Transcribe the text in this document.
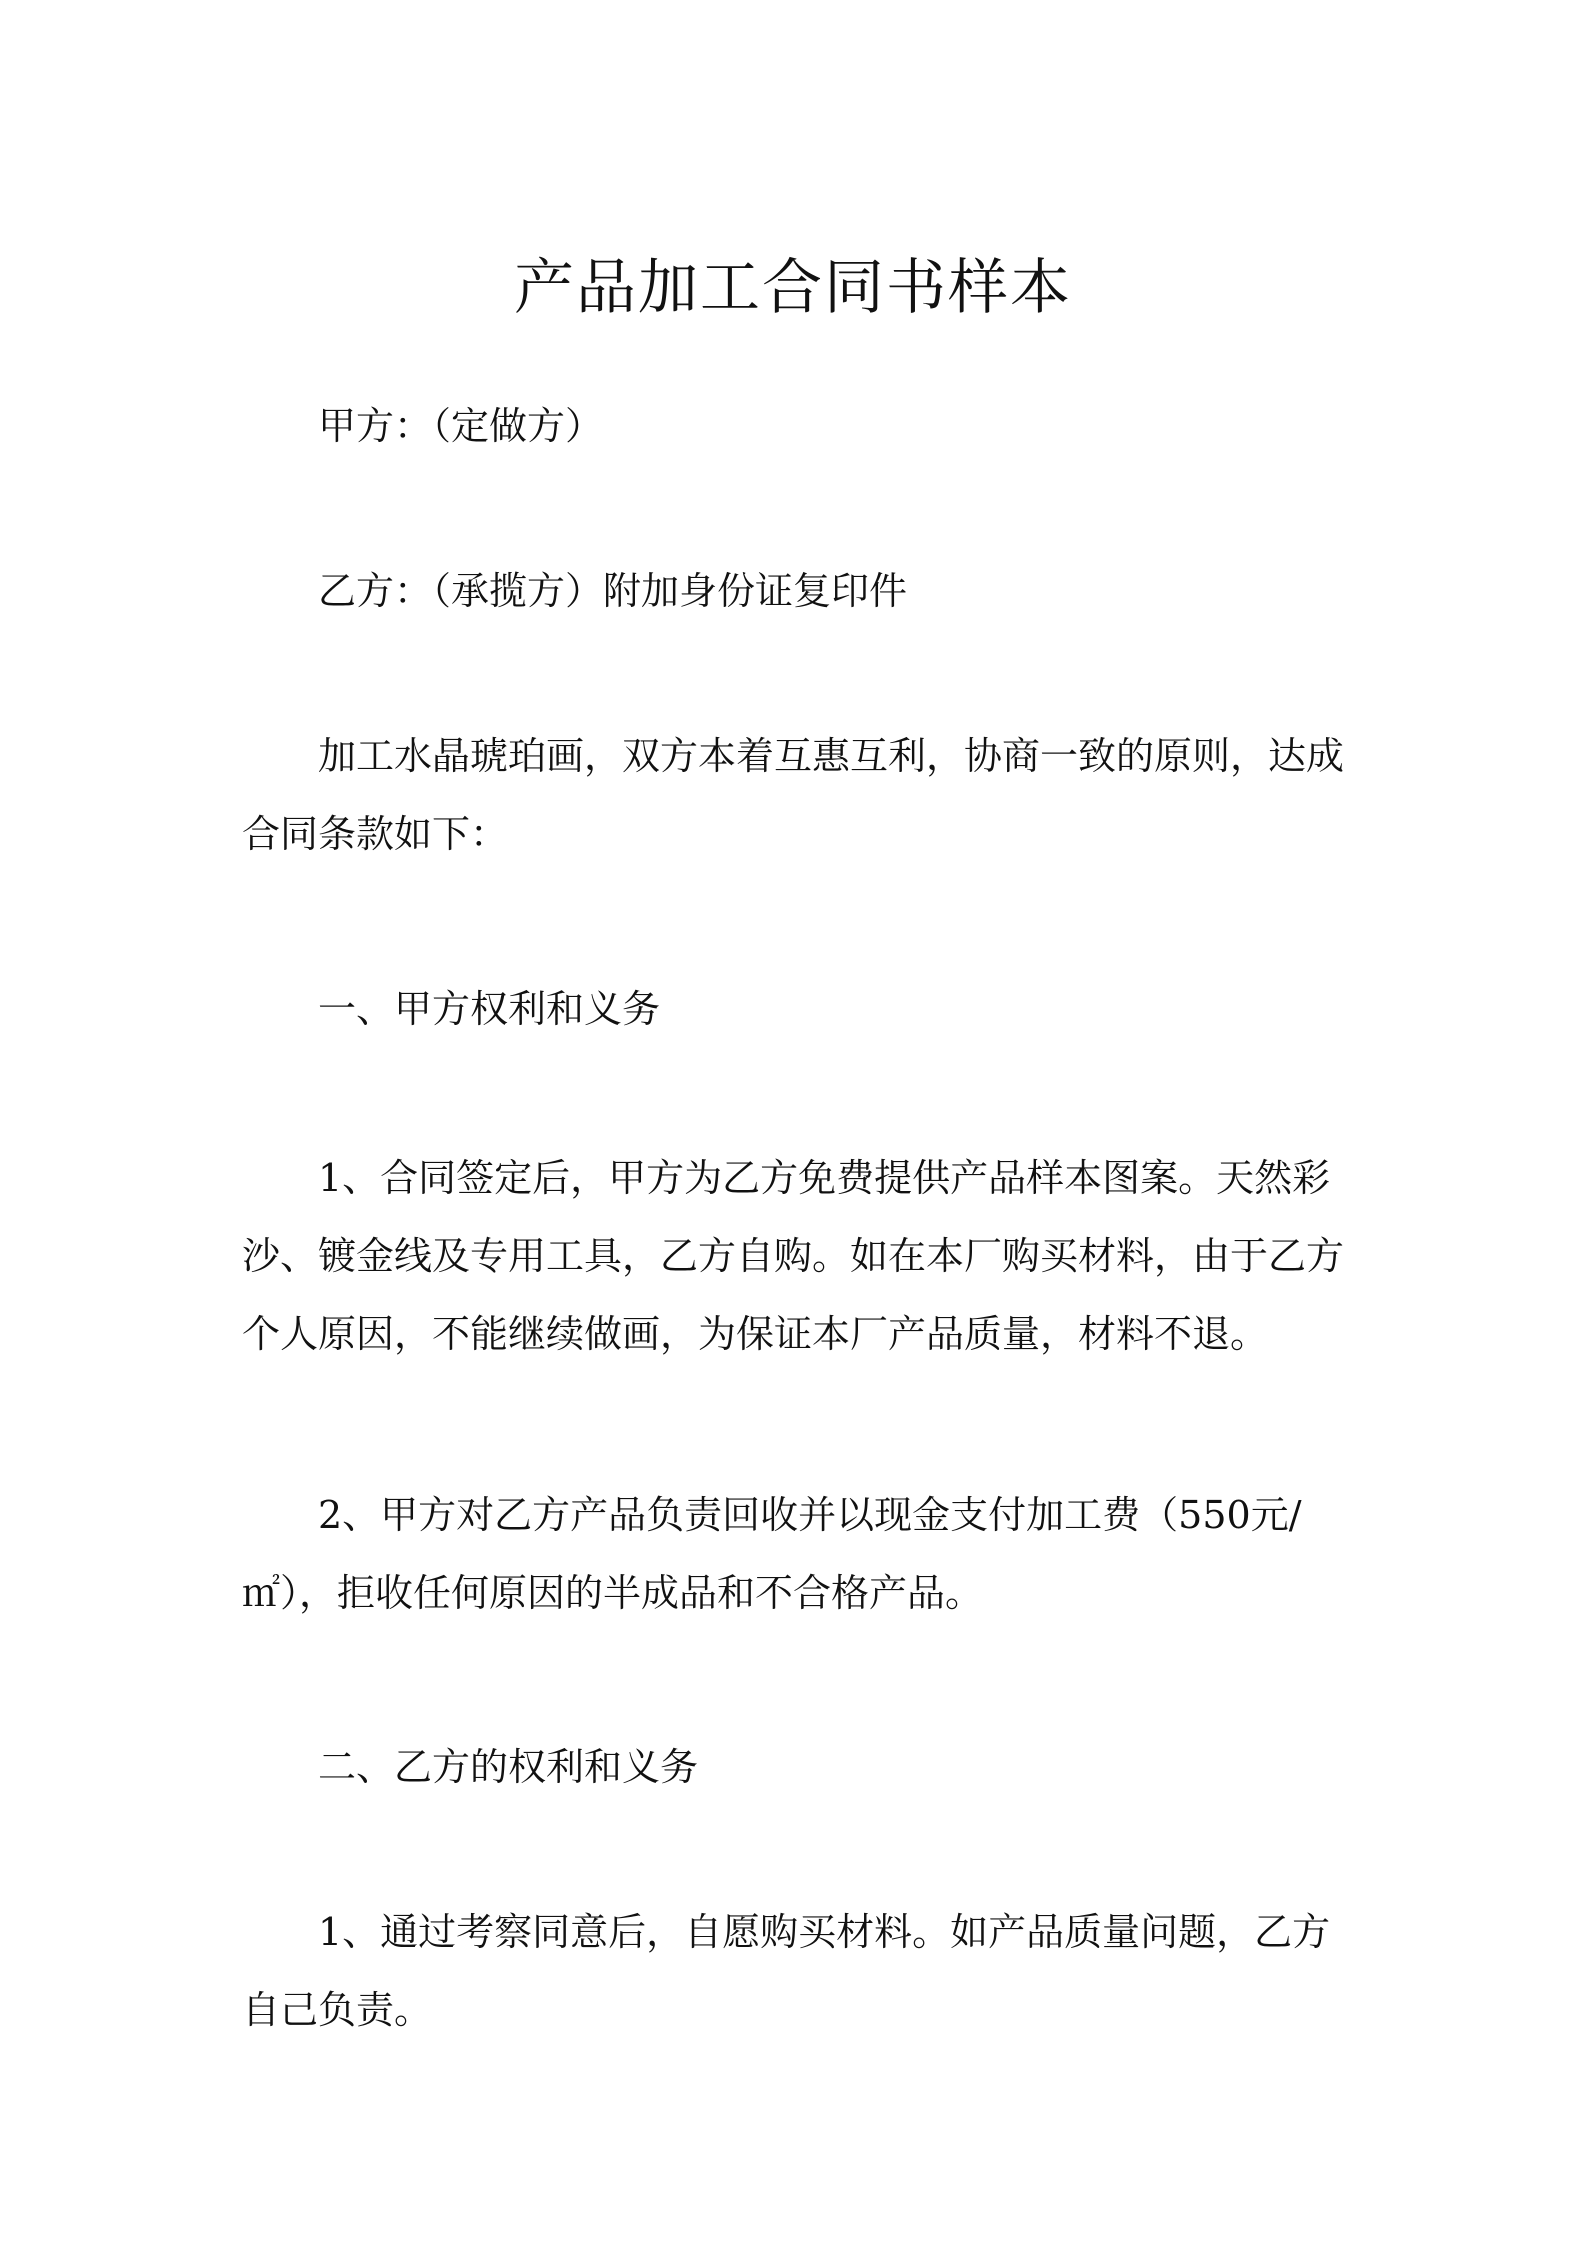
产品加工合同书样本

甲方：（定做方）

乙方：（承揽方）附加身份证复印件

加工水晶琥珀画，双方本着互惠互利，协商一致的原则，达成合同条款如下：

一、甲方权利和义务

1、合同签定后，甲方为乙方免费提供产品样本图案。天然彩沙、镀金线及专用工具，乙方自购。如在本厂购买材料，由于乙方个人原因，不能继续做画，为保证本厂产品质量，材料不退。

2、甲方对乙方产品负责回收并以现金支付加工费（550元/㎡），拒收任何原因的半成品和不合格产品。

二、乙方的权利和义务

1、通过考察同意后，自愿购买材料。如产品质量问题，乙方自己负责。
